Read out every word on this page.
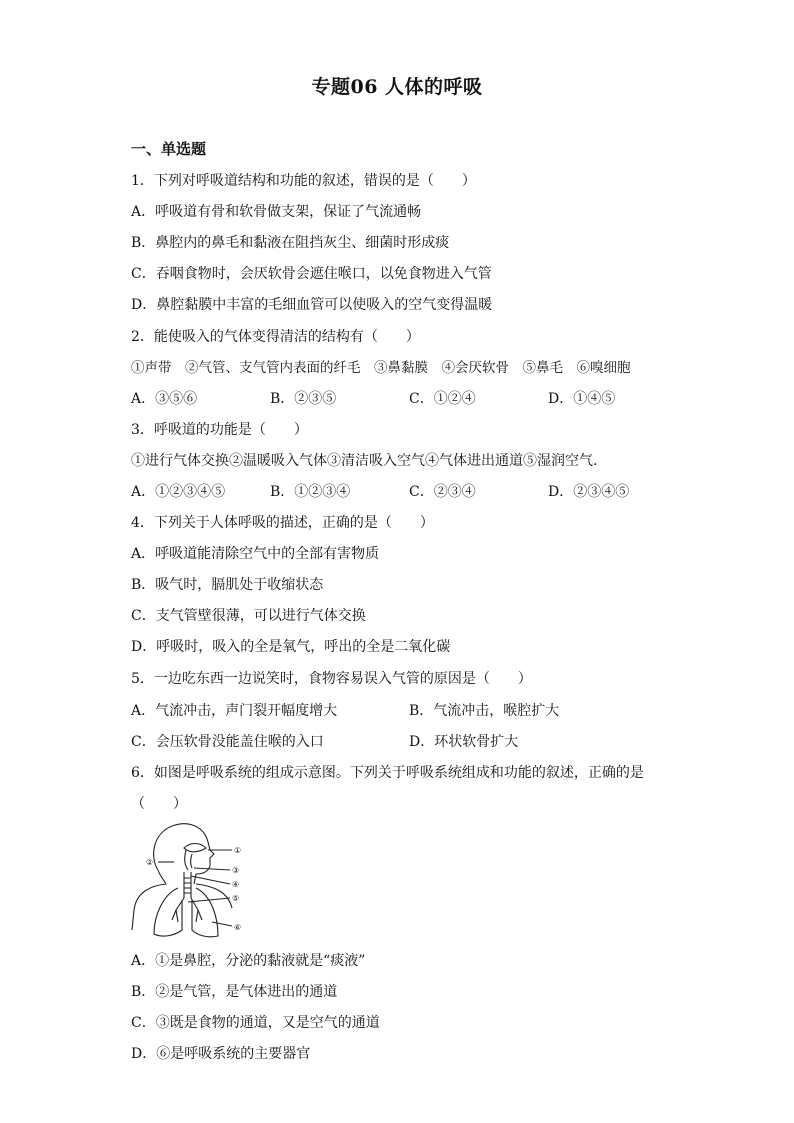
专题06 人体的呼吸
一、单选题
1．下列对呼吸道结构和功能的叙述，错误的是（　　）
A．呼吸道有骨和软骨做支架，保证了气流通畅
B．鼻腔内的鼻毛和黏液在阻挡灰尘、细菌时形成痰
C．吞咽食物时，会厌软骨会遮住喉口，以免食物进入气管
D．鼻腔黏膜中丰富的毛细血管可以使吸入的空气变得温暖
2．能使吸入的气体变得清洁的结构有（　　）
①声带　②气管、支气管内表面的纤毛　③鼻黏膜　④会厌软骨　⑤鼻毛　⑥嗅细胞
A．③⑤⑥	B．②③⑤	C．①②④	D．①④⑤
3．呼吸道的功能是（　　）
①进行气体交换②温暖吸入气体③清洁吸入空气④气体进出通道⑤湿润空气.
A．①②③④⑤	B．①②③④	C．②③④	D．②③④⑤
4．下列关于人体呼吸的描述，正确的是（　　）
A．呼吸道能清除空气中的全部有害物质
B．吸气时，膈肌处于收缩状态
C．支气管壁很薄，可以进行气体交换
D．呼吸时，吸入的全是氧气，呼出的全是二氧化碳
5．一边吃东西一边说笑时，食物容易误入气管的原因是（　　）
A．气流冲击，声门裂开幅度增大	B．气流冲击，喉腔扩大
C．会压软骨没能盖住喉的入口	D．环状软骨扩大
6．如图是呼吸系统的组成示意图。下列关于呼吸系统组成和功能的叙述，正确的是
（　　）
①
②
③
④
⑤
⑥
A．①是鼻腔，分泌的黏液就是“痰液”
B．②是气管，是气体进出的通道
C．③既是食物的通道，又是空气的通道
D．⑥是呼吸系统的主要器官
